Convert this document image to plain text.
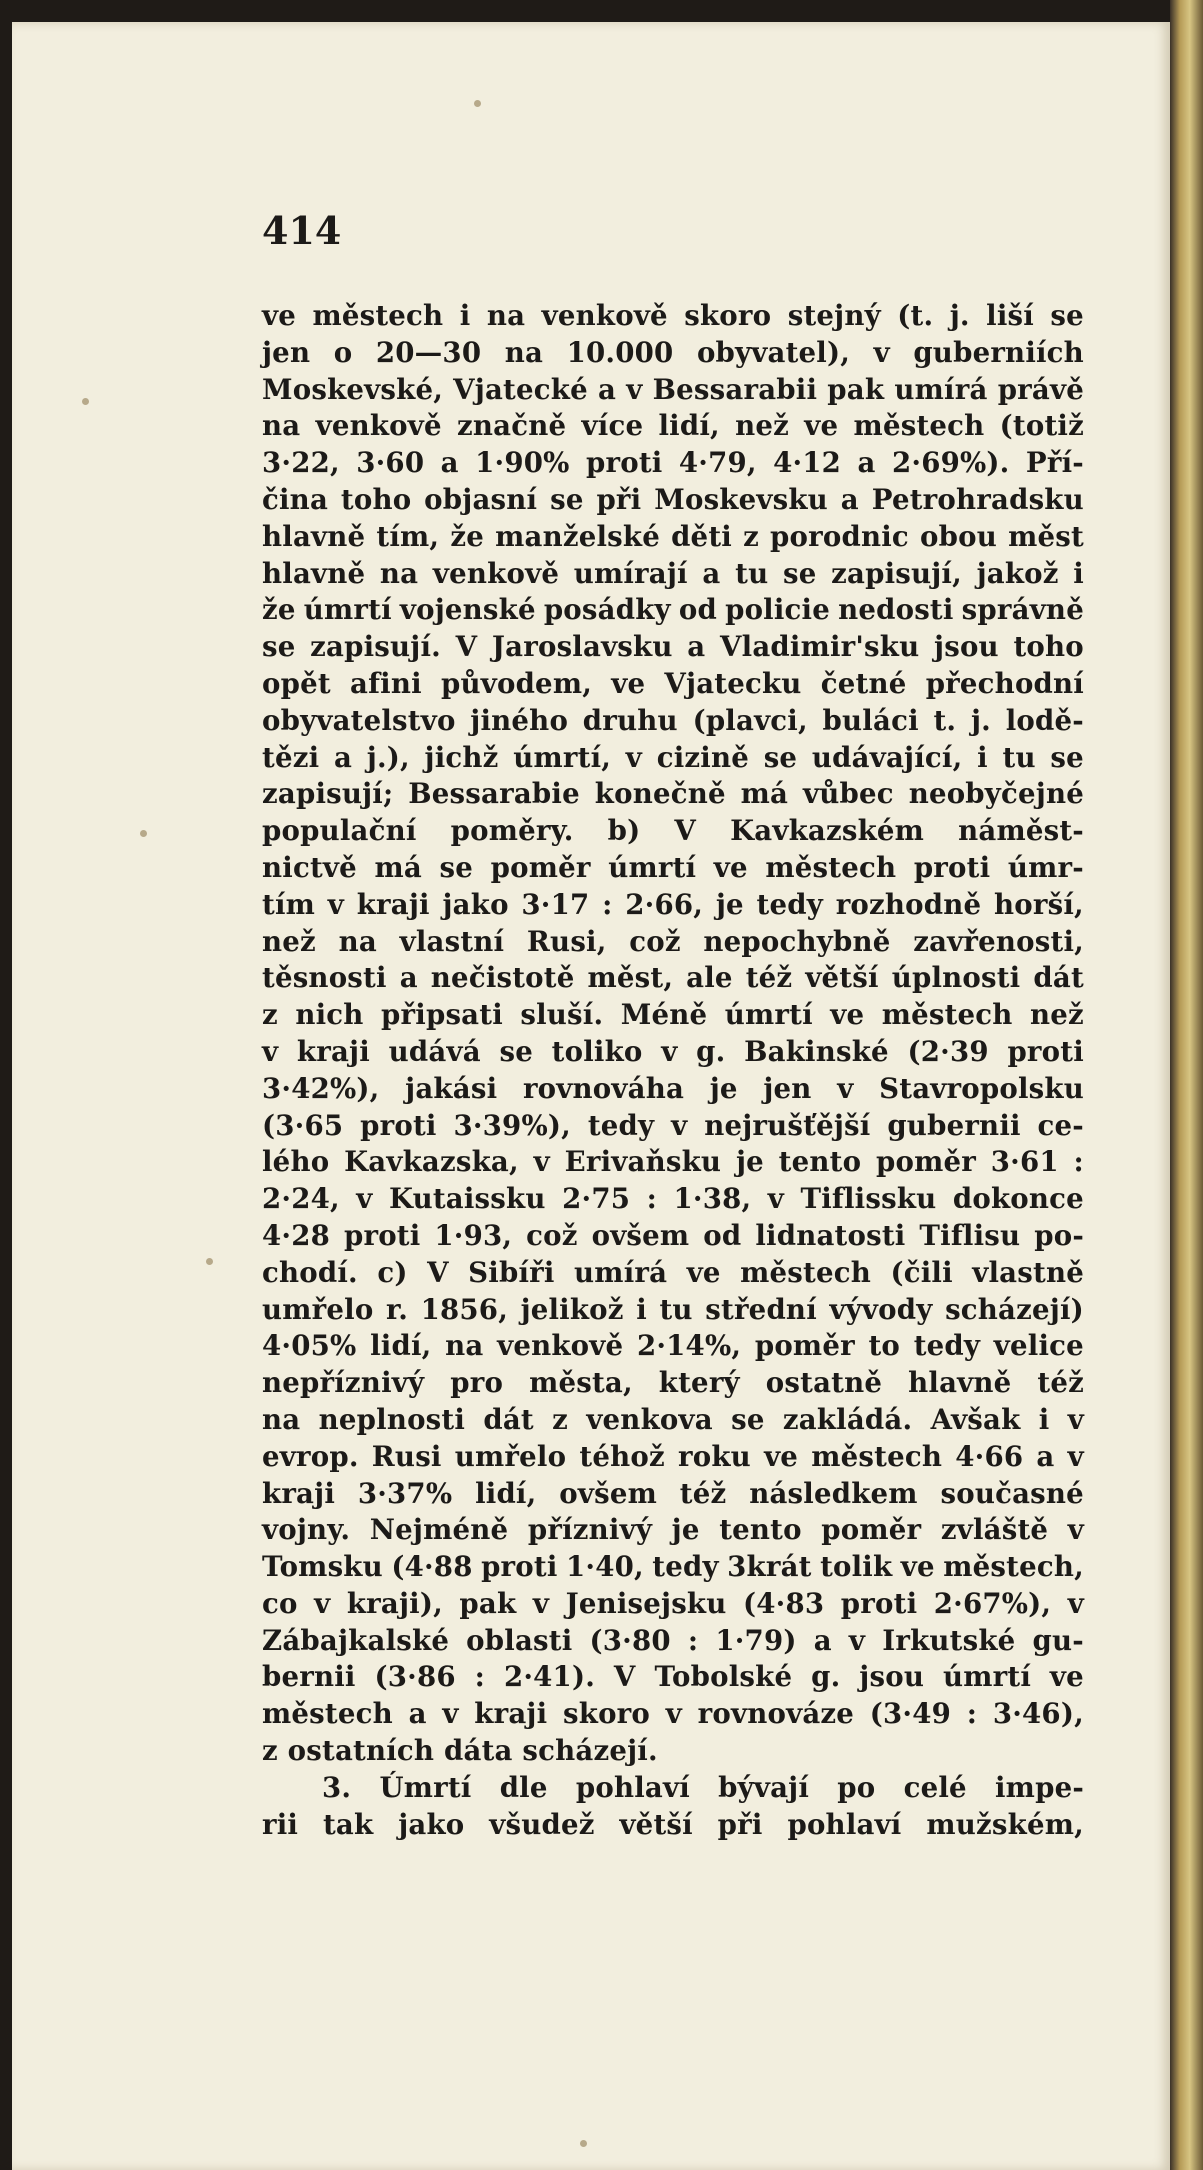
414
ve městech i na venkově skoro stejný (t. j. liší se
jen o 20—30 na 10.000 obyvatel), v guberniích
Moskevské, Vjatecké a v Bessarabii pak umírá právě
na venkově značně více lidí, než ve městech (totiž
3·22, 3·60 a 1·90% proti 4·79, 4·12 a 2·69%). Pří-
čina toho objasní se při Moskevsku a Petrohradsku
hlavně tím, že manželské děti z porodnic obou měst
hlavně na venkově umírají a tu se zapisují, jakož i
že úmrtí vojenské posádky od policie nedosti správně
se zapisují. V Jaroslavsku a Vladimir'sku jsou toho
opět afini původem, ve Vjatecku četné přechodní
obyvatelstvo jiného druhu (plavci, buláci t. j. lodě-
tězi a j.), jichž úmrtí, v cizině se udávající, i tu se
zapisují; Bessarabie konečně má vůbec neobyčejné
populační poměry. b) V Kavkazském náměst-
nictvě má se poměr úmrtí ve městech proti úmr-
tím v kraji jako 3·17 : 2·66, je tedy rozhodně horší,
než na vlastní Rusi, což nepochybně zavřenosti,
těsnosti a nečistotě měst, ale též větší úplnosti dát
z nich připsati sluší. Méně úmrtí ve městech než
v kraji udává se toliko v g. Bakinské (2·39 proti
3·42%), jakási rovnováha je jen v Stavropolsku
(3·65 proti 3·39%), tedy v nejrušťější gubernii ce-
lého Kavkazska, v Erivaňsku je tento poměr 3·61 :
2·24, v Kutaissku 2·75 : 1·38, v Tiflissku dokonce
4·28 proti 1·93, což ovšem od lidnatosti Tiflisu po-
chodí. c) V Sibíři umírá ve městech (čili vlastně
umřelo r. 1856, jelikož i tu střední vývody scházejí)
4·05% lidí, na venkově 2·14%, poměr to tedy velice
nepříznivý pro města, který ostatně hlavně též
na neplnosti dát z venkova se zakládá. Avšak i v
evrop. Rusi umřelo téhož roku ve městech 4·66 a v
kraji 3·37% lidí, ovšem též následkem současné
vojny. Nejméně příznivý je tento poměr zvláště v
Tomsku (4·88 proti 1·40, tedy 3krát tolik ve městech,
co v kraji), pak v Jenisejsku (4·83 proti 2·67%), v
Zábajkalské oblasti (3·80 : 1·79) a v Irkutské gu-
bernii (3·86 : 2·41). V Tobolské g. jsou úmrtí ve
městech a v kraji skoro v rovnováze (3·49 : 3·46),
z ostatních dáta scházejí.
3. Úmrtí dle pohlaví bývají po celé impe-
rii tak jako všudež větší při pohlaví mužském,
